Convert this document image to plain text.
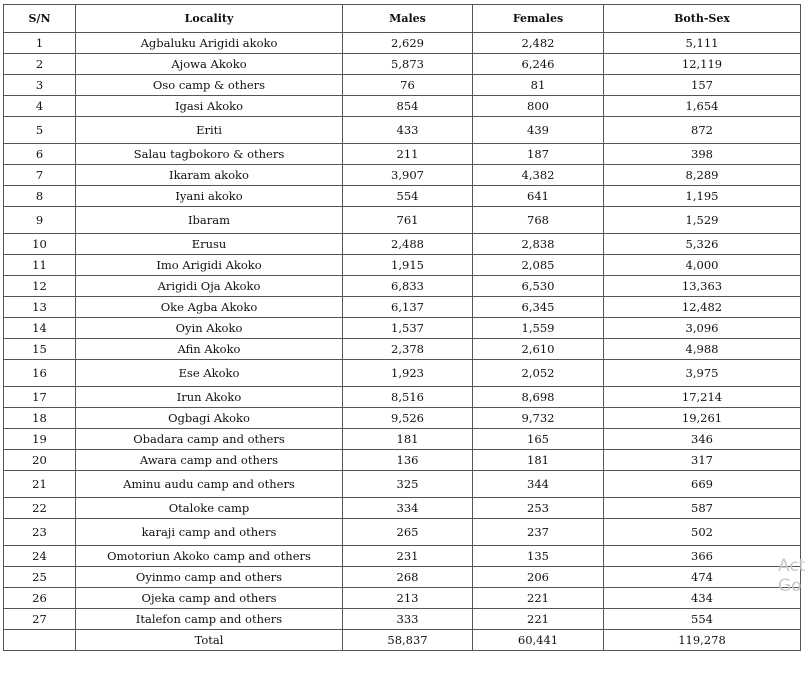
S/N	Locality	Males	Females	Both-Sex
1	Agbaluku Arigidi akoko	2,629	2,482	5,111
2	Ajowa Akoko	5,873	6,246	12,119
3	Oso camp & others	76	81	157
4	Igasi Akoko	854	800	1,654
5	Eriti	433	439	872
6	Salau tagbokoro & others	211	187	398
7	Ikaram akoko	3,907	4,382	8,289
8	Iyani akoko	554	641	1,195
9	Ibaram	761	768	1,529
10	Erusu	2,488	2,838	5,326
11	Imo Arigidi Akoko	1,915	2,085	4,000
12	Arigidi Oja Akoko	6,833	6,530	13,363
13	Oke Agba Akoko	6,137	6,345	12,482
14	Oyin Akoko	1,537	1,559	3,096
15	Afin Akoko	2,378	2,610	4,988
16	Ese Akoko	1,923	2,052	3,975
17	Irun Akoko	8,516	8,698	17,214
18	Ogbagi Akoko	9,526	9,732	19,261
19	Obadara camp and others	181	165	346
20	Awara camp and others	136	181	317
21	Aminu audu camp and others	325	344	669
22	Otaloke camp	334	253	587
23	karaji camp and others	265	237	502
24	Omotoriun Akoko camp and others	231	135	366
25	Oyinmo camp and others	268	206	474
26	Ojeka camp and others	213	221	434
27	Italefon camp and others	333	221	554
	Total	58,837	60,441	119,278
Act
Go
